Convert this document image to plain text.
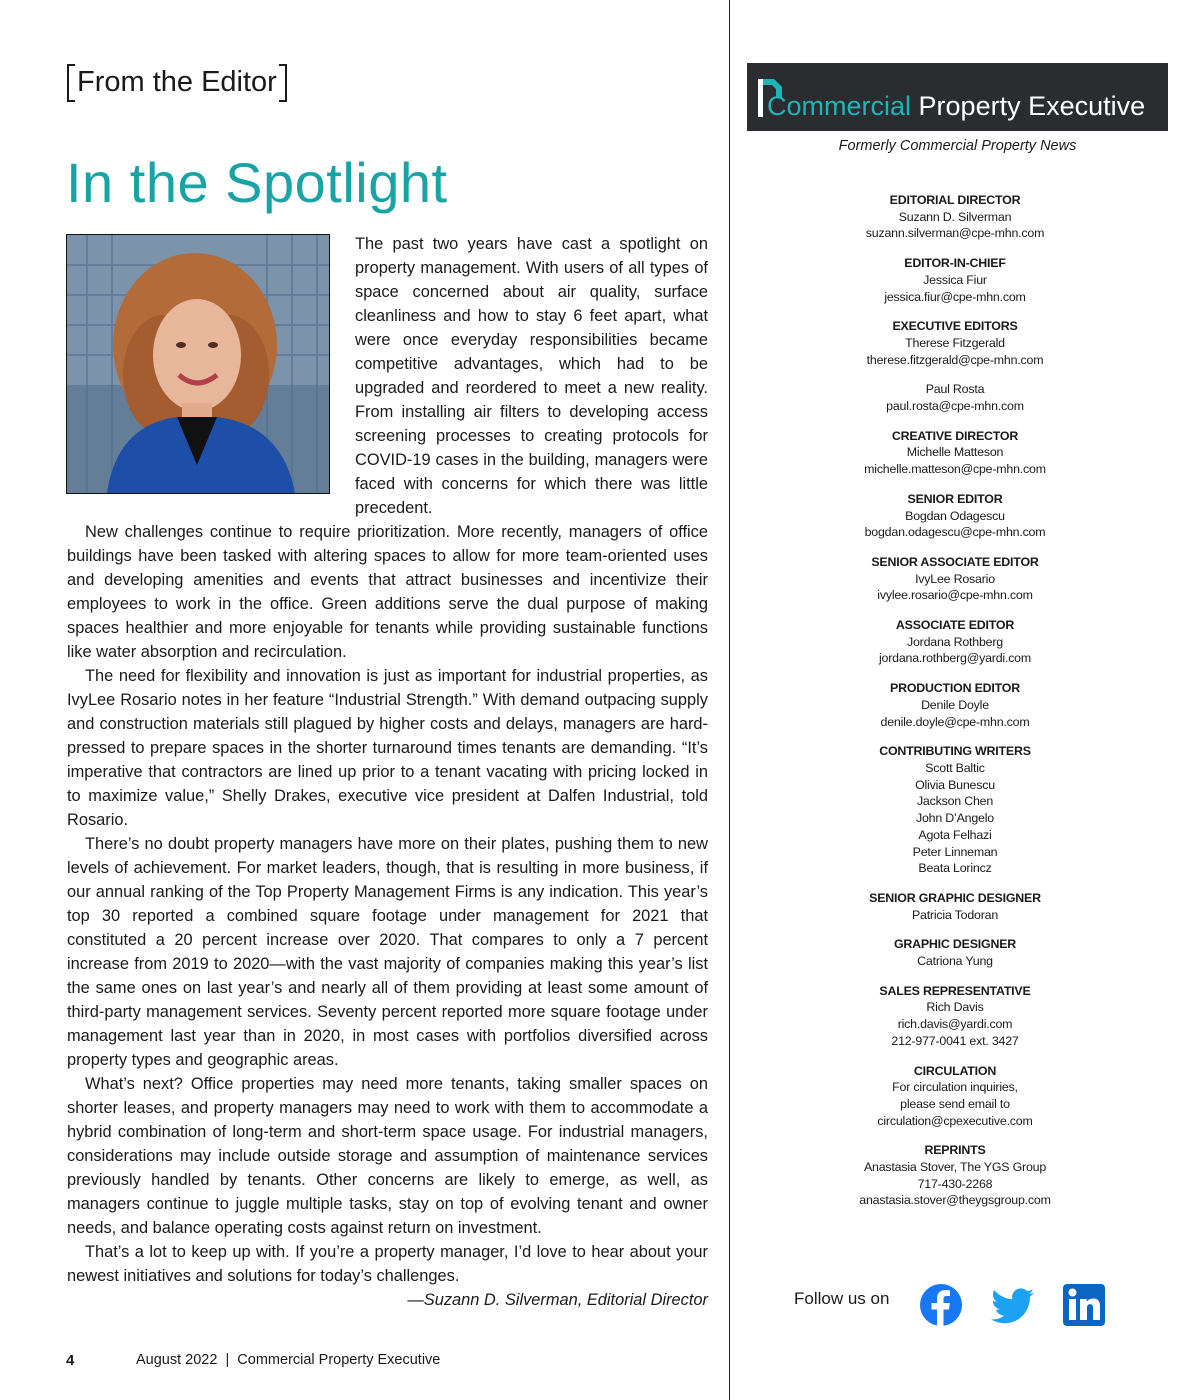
From the Editor
In the Spotlight

The past two years have cast a spotlight on property management. With users of all types of space concerned about air quality, surface cleanliness and how to stay 6 feet apart, what were once everyday responsibilities became competitive advantages, which had to be upgraded and reordered to meet a new reality. From installing air filters to developing access screening processes to creating protocols for COVID-19 cases in the building, managers were faced with concerns for which there was little precedent.

New challenges continue to require prioritization. More recently, managers of office buildings have been tasked with altering spaces to allow for more team-oriented uses and developing amenities and events that attract businesses and incentivize their employees to work in the office. Green additions serve the dual purpose of making spaces healthier and more enjoyable for tenants while providing sustainable functions like water absorption and recirculation.

The need for flexibility and innovation is just as important for industrial properties, as IvyLee Rosario notes in her feature “Industrial Strength.” With demand outpacing supply and construction materials still plagued by higher costs and delays, managers are hard-pressed to prepare spaces in the shorter turnaround times tenants are demanding. “It’s imperative that contractors are lined up prior to a tenant vacating with pricing locked in to maximize value,” Shelly Drakes, executive vice president at Dalfen Industrial, told Rosario.

There’s no doubt property managers have more on their plates, pushing them to new levels of achievement. For market leaders, though, that is resulting in more business, if our annual ranking of the Top Property Management Firms is any indication. This year’s top 30 reported a combined square footage under management for 2021 that constituted a 20 percent increase over 2020. That compares to only a 7 percent increase from 2019 to 2020—with the vast majority of companies making this year’s list the same ones on last year’s and nearly all of them providing at least some amount of third-party management services. Seventy percent reported more square footage under management last year than in 2020, in most cases with portfolios diversified across property types and geographic areas.

What’s next? Office properties may need more tenants, taking smaller spaces on shorter leases, and property managers may need to work with them to accommodate a hybrid combination of long-term and short-term space usage. For industrial managers, considerations may include outside storage and assumption of maintenance services previously handled by tenants. Other concerns are likely to emerge, as well, as managers continue to juggle multiple tasks, stay on top of evolving tenant and owner needs, and balance operating costs against return on investment.

That’s a lot to keep up with. If you’re a property manager, I’d love to hear about your newest initiatives and solutions for today’s challenges.

—Suzann D. Silverman, Editorial Director

4	August 2022  |  Commercial Property Executive
Commercial Property Executive
Formerly Commercial Property News
EDITORIAL DIRECTOR
Suzann D. Silverman
suzann.silverman@cpe-mhn.com
EDITOR-IN-CHIEF
Jessica Fiur
jessica.fiur@cpe-mhn.com
EXECUTIVE EDITORS
Therese Fitzgerald
therese.fitzgerald@cpe-mhn.com
Paul Rosta
paul.rosta@cpe-mhn.com
CREATIVE DIRECTOR
Michelle Matteson
michelle.matteson@cpe-mhn.com
SENIOR EDITOR
Bogdan Odagescu
bogdan.odagescu@cpe-mhn.com
SENIOR ASSOCIATE EDITOR
IvyLee Rosario
ivylee.rosario@cpe-mhn.com
ASSOCIATE EDITOR
Jordana Rothberg
jordana.rothberg@yardi.com
PRODUCTION EDITOR
Denile Doyle
denile.doyle@cpe-mhn.com
CONTRIBUTING WRITERS
Scott Baltic
Olivia Bunescu
Jackson Chen
John D’Angelo
Agota Felhazi
Peter Linneman
Beata Lorincz
SENIOR GRAPHIC DESIGNER
Patricia Todoran
GRAPHIC DESIGNER
Catriona Yung
SALES REPRESENTATIVE
Rich Davis
rich.davis@yardi.com
212-977-0041 ext. 3427
CIRCULATION
For circulation inquiries,
please send email to
circulation@cpexecutive.com
REPRINTS
Anastasia Stover, The YGS Group
717-430-2268
anastasia.stover@theygsgroup.com
Follow us on
